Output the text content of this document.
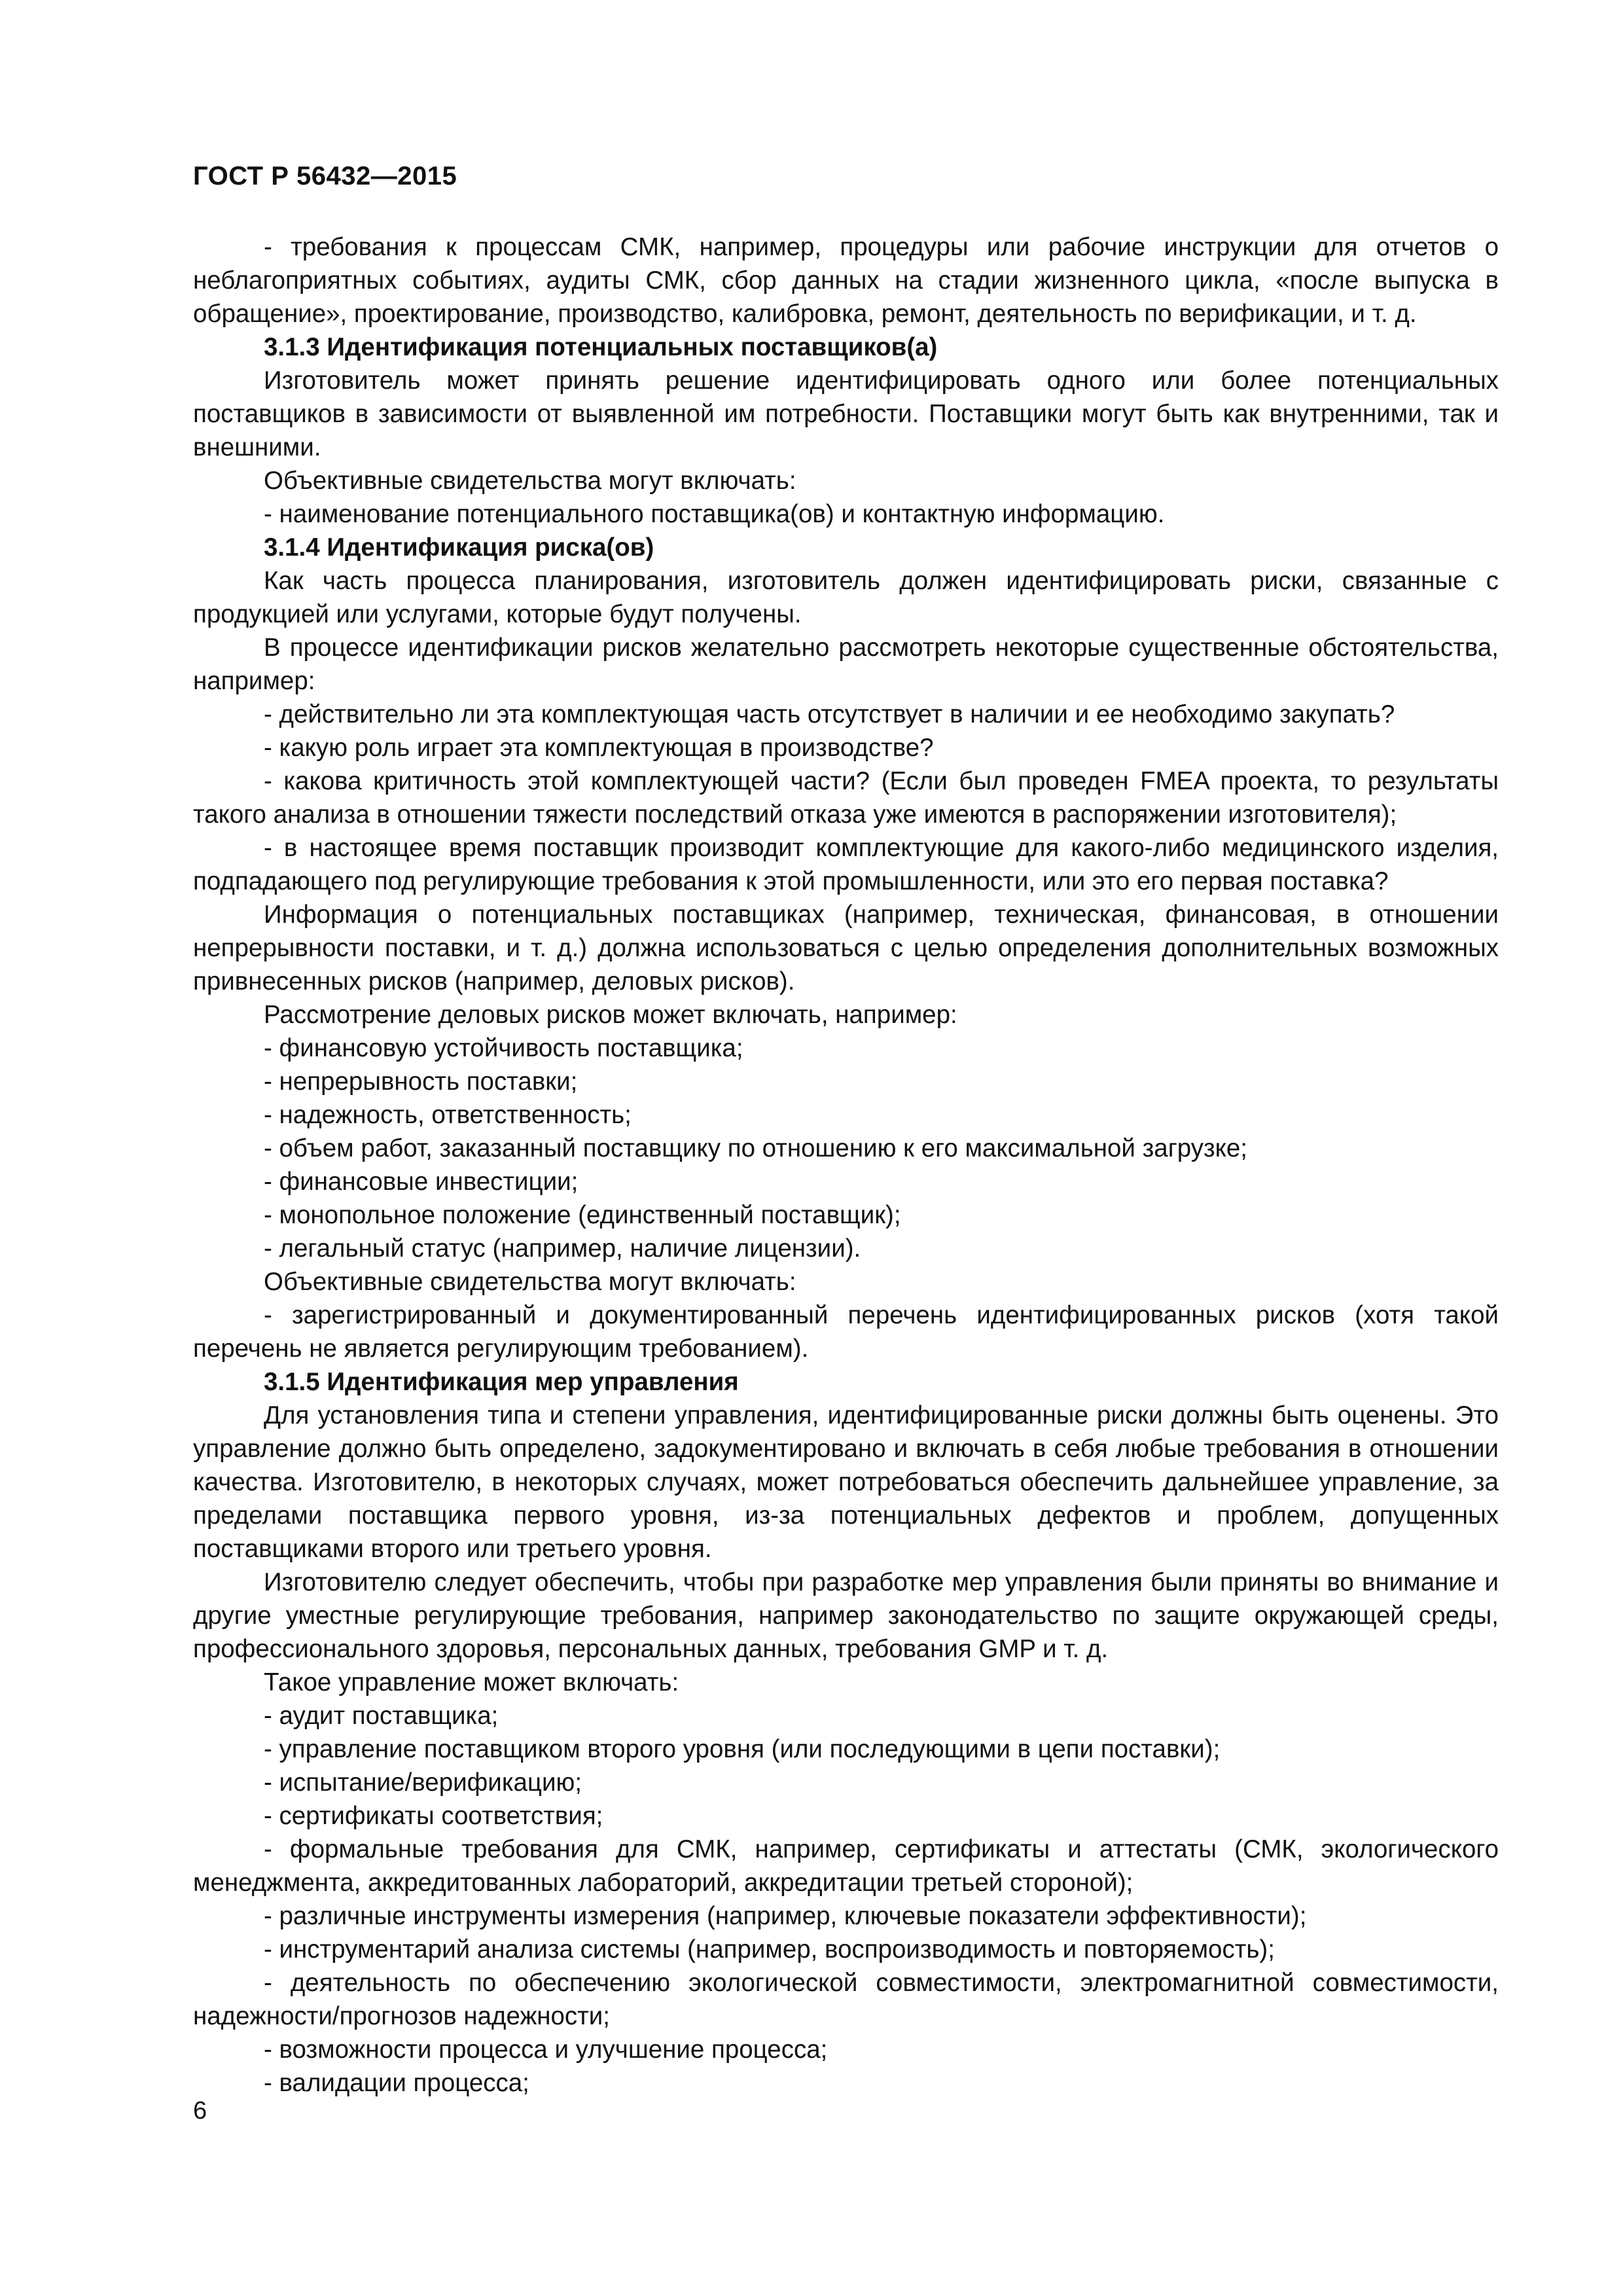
ГОСТ Р 56432—2015

- требования к процессам СМК, например, процедуры или рабочие инструкции для отчетов о неблагоприятных событиях, аудиты СМК, сбор данных на стадии жизненного цикла, «после выпуска в обращение», проектирование, производство, калибровка, ремонт, деятельность по верификации, и т. д.

3.1.3 Идентификация потенциальных поставщиков(а)

Изготовитель может принять решение идентифицировать одного или более потенциальных поставщиков в зависимости от выявленной им потребности. Поставщики могут быть как внутренними, так и внешними.

Объективные свидетельства могут включать:

- наименование потенциального поставщика(ов) и контактную информацию.

3.1.4 Идентификация риска(ов)

Как часть процесса планирования, изготовитель должен идентифицировать риски, связанные с продукцией или услугами, которые будут получены.

В процессе идентификации рисков желательно рассмотреть некоторые существенные обстоятельства, например:

- действительно ли эта комплектующая часть отсутствует в наличии и ее необходимо закупать?

- какую роль играет эта комплектующая в производстве?

- какова критичность этой комплектующей части? (Если был проведен FMEA проекта, то результаты такого анализа в отношении тяжести последствий отказа уже имеются в распоряжении изготовителя);

- в настоящее время поставщик производит комплектующие для какого-либо медицинского изделия, подпадающего под регулирующие требования к этой промышленности, или это его первая поставка?

Информация о потенциальных поставщиках (например, техническая, финансовая, в отношении непрерывности поставки, и т. д.) должна использоваться с целью определения дополнительных возможных привнесенных рисков (например, деловых рисков).

Рассмотрение деловых рисков может включать, например:

- финансовую устойчивость поставщика;

- непрерывность поставки;

- надежность, ответственность;

- объем работ, заказанный поставщику по отношению к его максимальной загрузке;

- финансовые инвестиции;

- монопольное положение (единственный поставщик);

- легальный статус (например, наличие лицензии).

Объективные свидетельства могут включать:

- зарегистрированный и документированный перечень идентифицированных рисков (хотя такой перечень не является регулирующим требованием).

3.1.5 Идентификация мер управления

Для установления типа и степени управления, идентифицированные риски должны быть оценены. Это управление должно быть определено, задокументировано и включать в себя любые требования в отношении качества. Изготовителю, в некоторых случаях, может потребоваться обеспечить дальнейшее управление, за пределами поставщика первого уровня, из-за потенциальных дефектов и проблем, допущенных поставщиками второго или третьего уровня.

Изготовителю следует обеспечить, чтобы при разработке мер управления были приняты во внимание и другие уместные регулирующие требования, например законодательство по защите окружающей среды, профессионального здоровья, персональных данных, требования GMP и т. д.

Такое управление может включать:

- аудит поставщика;

- управление поставщиком второго уровня (или последующими в цепи поставки);

- испытание/верификацию;

- сертификаты соответствия;

- формальные требования для СМК, например, сертификаты и аттестаты (СМК, экологического менеджмента, аккредитованных лабораторий, аккредитации третьей стороной);

- различные инструменты измерения (например, ключевые показатели эффективности);

- инструментарий анализа системы (например, воспроизводимость и повторяемость);

- деятельность по обеспечению экологической совместимости, электромагнитной совместимости, надежности/прогнозов надежности;

- возможности процесса и улучшение процесса;

- валидации процесса;

6
